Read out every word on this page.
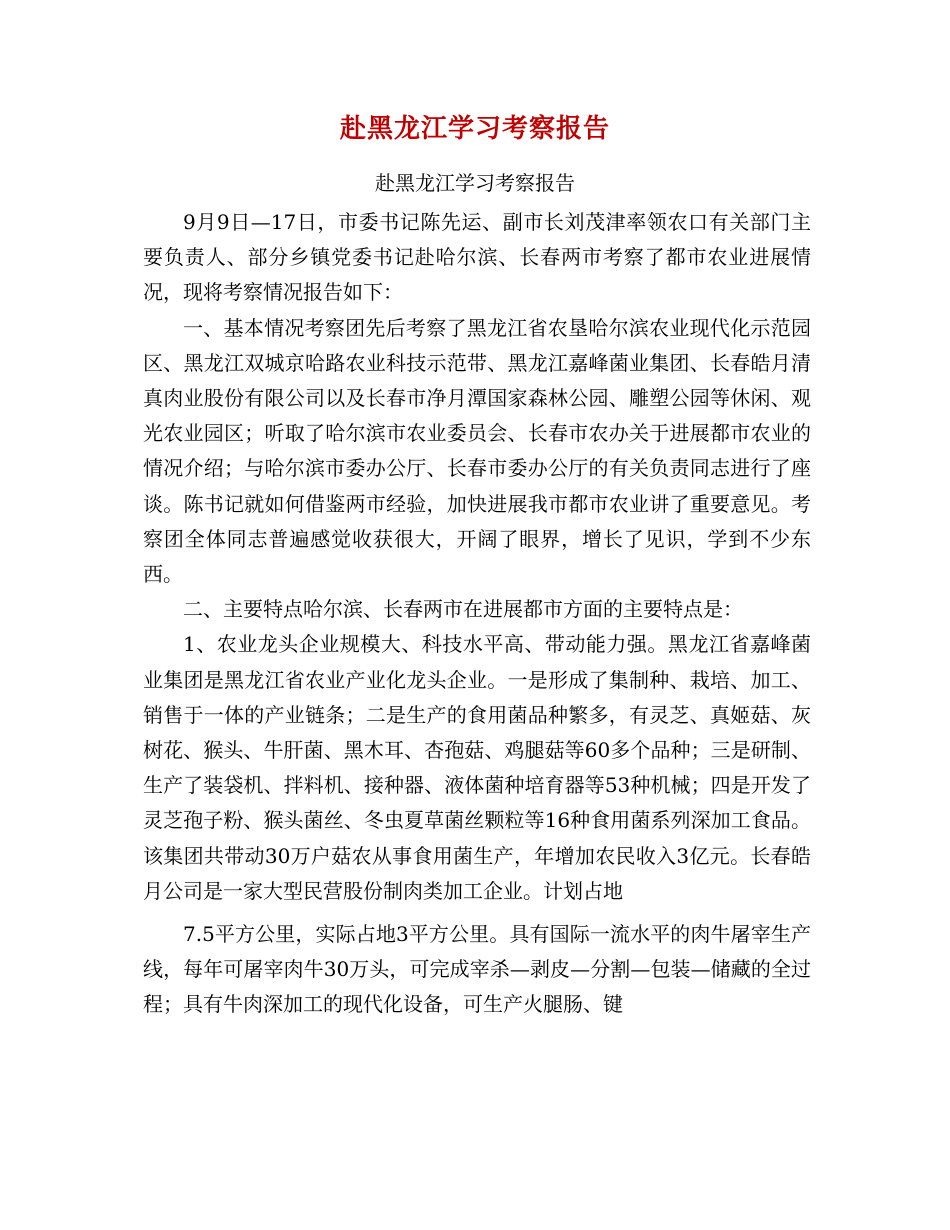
赴黑龙江学习考察报告
赴黑龙江学习考察报告

9月9日—17日，市委书记陈先运、副市长刘茂津率领农口有关部门主要负责人、部分乡镇党委书记赴哈尔滨、长春两市考察了都市农业进展情况，现将考察情况报告如下：

一、基本情况考察团先后考察了黑龙江省农垦哈尔滨农业现代化示范园区、黑龙江双城京哈路农业科技示范带、黑龙江嘉峰菌业集团、长春皓月清真肉业股份有限公司以及长春市净月潭国家森林公园、雕塑公园等休闲、观光农业园区；听取了哈尔滨市农业委员会、长春市农办关于进展都市农业的情况介绍；与哈尔滨市委办公厅、长春市委办公厅的有关负责同志进行了座谈。陈书记就如何借鉴两市经验，加快进展我市都市农业讲了重要意见。考察团全体同志普遍感觉收获很大，开阔了眼界，增长了见识，学到不少东西。

二、主要特点哈尔滨、长春两市在进展都市方面的主要特点是：

1、农业龙头企业规模大、科技水平高、带动能力强。黑龙江省嘉峰菌业集团是黑龙江省农业产业化龙头企业。一是形成了集制种、栽培、加工、销售于一体的产业链条；二是生产的食用菌品种繁多，有灵芝、真姬菇、灰树花、猴头、牛肝菌、黑木耳、杏孢菇、鸡腿菇等60多个品种；三是研制、生产了装袋机、拌料机、接种器、液体菌种培育器等53种机械；四是开发了灵芝孢子粉、猴头菌丝、冬虫夏草菌丝颗粒等16种食用菌系列深加工食品。该集团共带动30万户菇农从事食用菌生产，年增加农民收入3亿元。长春皓月公司是一家大型民营股份制肉类加工企业。计划占地

7.5平方公里，实际占地3平方公里。具有国际一流水平的肉牛屠宰生产线，每年可屠宰肉牛30万头，可完成宰杀—剥皮—分割—包装—储藏的全过程；具有牛肉深加工的现代化设备，可生产火腿肠、键
